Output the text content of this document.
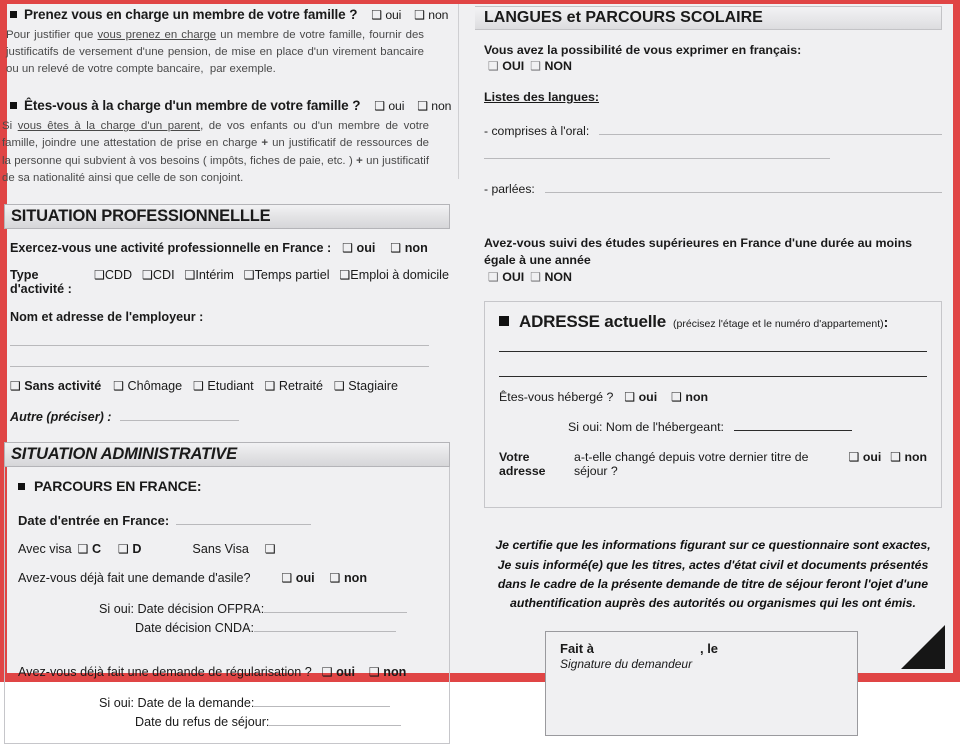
Prenez vous en charge un membre de votre famille ? ❑ oui ❑ non
Pour justifier que vous prenez en charge un membre de votre famille, fournir des justificatifs de versement d'une pension, de mise en place d'un virement bancaire ou un relevé de votre compte bancaire,  par exemple.
Êtes-vous à la charge d'un membre de votre famille ? ❑ oui ❑ non
Si vous êtes à la charge d'un parent, de vos enfants ou d'un membre de votre famille, joindre une attestation de prise en charge + un justificatif de ressources de la personne qui subvient à vos besoins ( impôts, fiches de paie, etc. ) + un justificatif de sa nationalité ainsi que celle de son conjoint.
SITUATION PROFESSIONNELLLE
Exercez-vous une activité professionnelle en France : ❑ oui ❑ non
Type d'activité :
❑CDD ❑CDI ❑Intérim ❑Temps partiel ❑Emploi à domicile
Nom et adresse de l'employeur :
❑ Sans activité ❑ Chômage ❑ Etudiant ❑ Retraité ❑ Stagiaire
Autre (préciser) :
SITUATION ADMINISTRATIVE
PARCOURS EN FRANCE:
Date d'entrée en France:
Avec visa ❑ C ❑ D	Sans Visa ❑
Avez-vous déjà fait une demande d'asile?	❑ oui ❑ non
Si oui: Date décision OFPRA:
Date décision CNDA:
Avez-vous déjà fait une demande de régularisation ? ❑ oui ❑ non
Si oui: Date de la demande:
Date du refus de séjour:
LANGUES et PARCOURS SCOLAIRE
Vous avez la possibilité de vous exprimer en français:
❑ OUI ❑ NON
Listes des langues:
- comprises à l'oral:
- parlées:
Avez-vous suivi des études supérieures en France d'une durée au moins
égale à une année
❑ OUI ❑ NON
ADRESSE actuelle (précisez l'étage et le numéro d'appartement) :
Êtes-vous hébergé ? ❑ oui ❑ non
Si oui: Nom de l'hébergeant:
Votre adresse
a-t-elle changé depuis votre dernier titre de séjour ?
❑ oui ❑ non
Je certifie que les informations figurant sur ce questionnaire sont exactes,
Je suis informé(e) que les titres, actes d'état civil et documents présentés
dans le cadre de la présente demande de titre de séjour feront l'ojet d'une
authentification auprès des autorités ou organismes qui les ont émis.
Fait à	, le
Signature du demandeur
